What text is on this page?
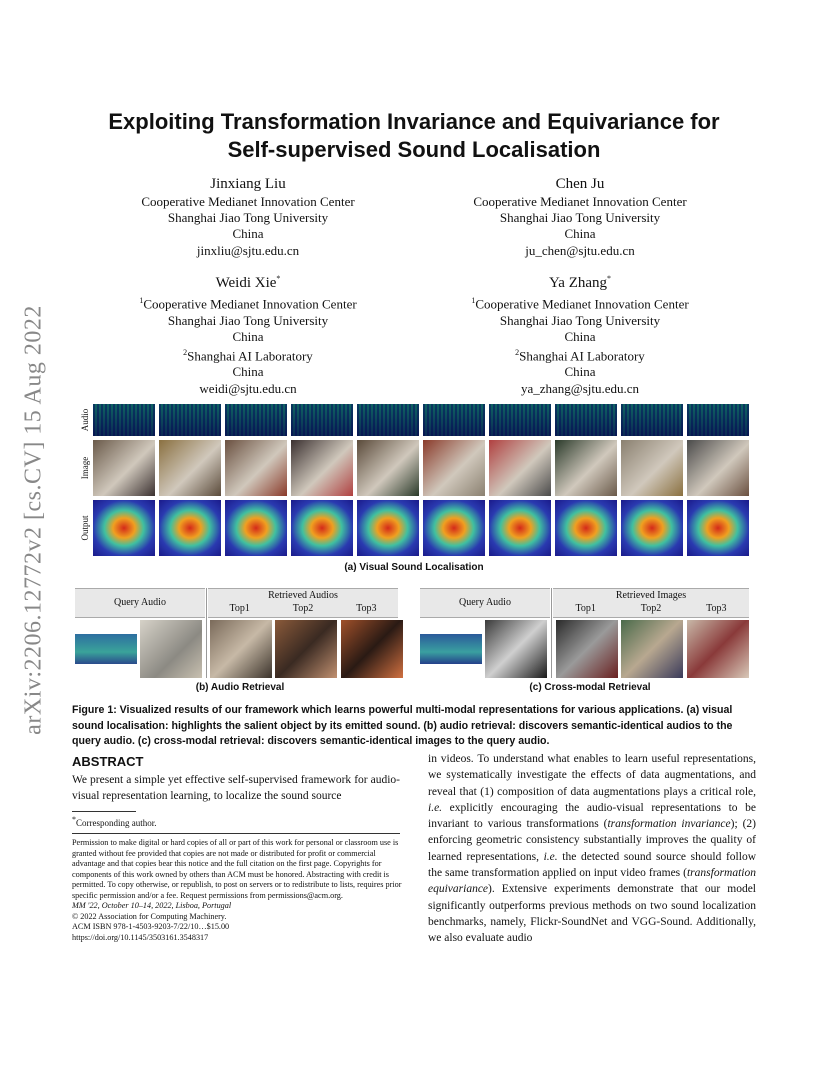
arXiv:2206.12772v2 [cs.CV] 15 Aug 2022
Exploiting Transformation Invariance and Equivariance for
Self-supervised Sound Localisation
Jinxiang Liu
Cooperative Medianet Innovation Center
Shanghai Jiao Tong University
China
jinxliu@sjtu.edu.cn
Chen Ju
Cooperative Medianet Innovation Center
Shanghai Jiao Tong University
China
ju_chen@sjtu.edu.cn
Weidi Xie*
$^1$Cooperative Medianet Innovation Center
Shanghai Jiao Tong University
China
$^2$Shanghai AI Laboratory
China
weidi@sjtu.edu.cn
Ya Zhang*
$^1$Cooperative Medianet Innovation Center
Shanghai Jiao Tong University
China
$^2$Shanghai AI Laboratory
China
ya_zhang@sjtu.edu.cn
Audio
Image
Output
(a) Visual Sound Localisation
Query Audio
Retrieved Audios
Top1	Top2	Top3
Query Audio
Retrieved Images
Top1	Top2	Top3
(b) Audio Retrieval	(c) Cross-modal Retrieval
Figure 1: Visualized results of our framework which learns powerful multi-modal representations for various applications. (a) visual sound localisation: highlights the salient object by its emitted sound. (b) audio retrieval: discovers semantic-identical audios to the query audio. (c) cross-modal retrieval: discovers semantic-identical images to the query audio.
ABSTRACT
We present a simple yet effective self-supervised framework for audio-visual representation learning, to localize the sound source
*Corresponding author.
Permission to make digital or hard copies of all or part of this work for personal or classroom use is granted without fee provided that copies are not made or distributed for profit or commercial advantage and that copies bear this notice and the full citation on the first page. Copyrights for components of this work owned by others than ACM must be honored. Abstracting with credit is permitted. To copy otherwise, or republish, to post on servers or to redistribute to lists, requires prior specific permission and/or a fee. Request permissions from permissions@acm.org.
MM '22, October 10–14, 2022, Lisboa, Portugal
© 2022 Association for Computing Machinery.
ACM ISBN 978-1-4503-9203-7/22/10…$15.00
https://doi.org/10.1145/3503161.3548317
in videos. To understand what enables to learn useful representations, we systematically investigate the effects of data augmentations, and reveal that (1) composition of data augmentations plays a critical role, i.e. explicitly encouraging the audio-visual representations to be invariant to various transformations (transformation invariance); (2) enforcing geometric consistency substantially improves the quality of learned representations, i.e. the detected sound source should follow the same transformation applied on input video frames (transformation equivariance). Extensive experiments demonstrate that our model significantly outperforms previous methods on two sound localization benchmarks, namely, Flickr-SoundNet and VGG-Sound. Additionally, we also evaluate audio
